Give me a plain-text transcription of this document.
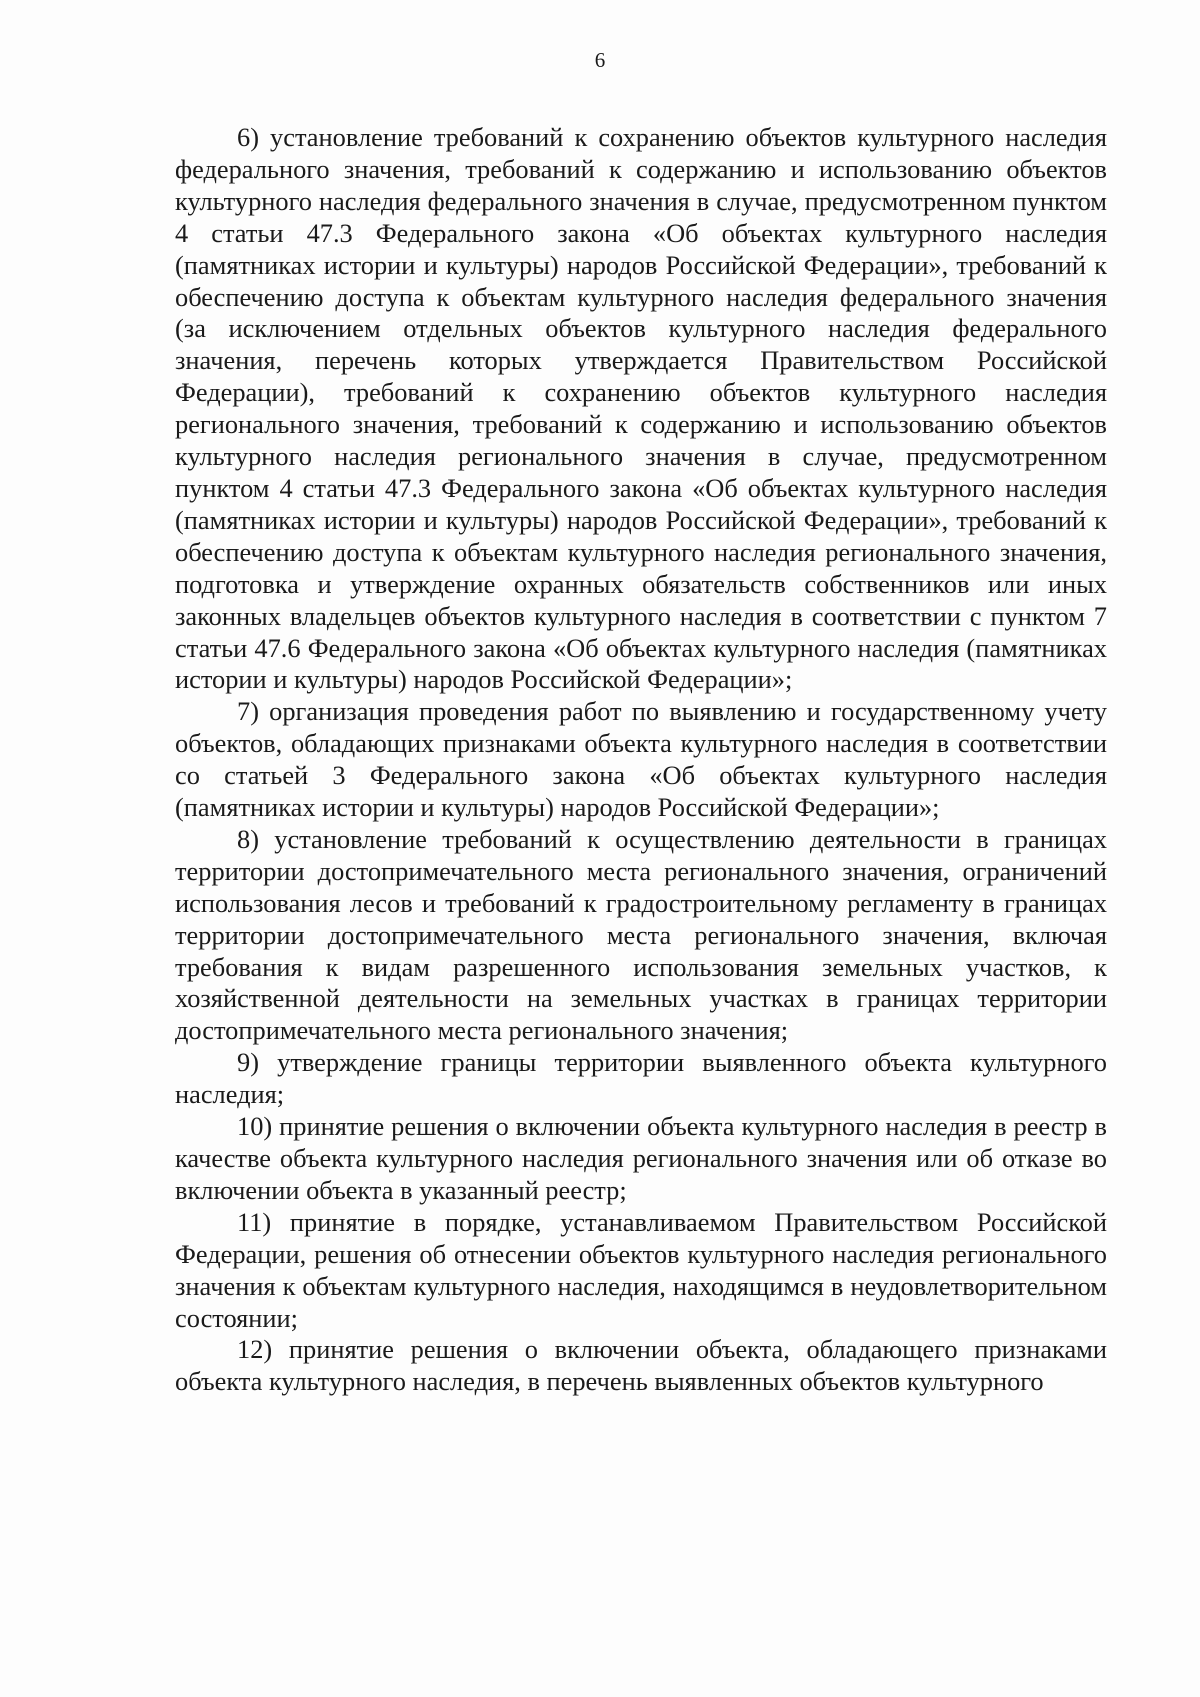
6

6) установление требований к сохранению объектов культурного наследия федерального значения, требований к содержанию и использованию объектов культурного наследия федерального значения в случае, предусмотренном пунктом 4 статьи 47.3 Федерального закона «Об объектах культурного наследия (памятниках истории и культуры) народов Российской Федерации», требований к обеспечению доступа к объектам культурного наследия федерального значения (за исключением отдельных объектов культурного наследия федерального значения, перечень которых утверждается Правительством Российской Федерации), требований к сохранению объектов культурного наследия регионального значения, требований к содержанию и использованию объектов культурного наследия регионального значения в случае, предусмотренном пунктом 4 статьи 47.3 Федерального закона «Об объектах культурного наследия (памятниках истории и культуры) народов Российской Федерации», требований к обеспечению доступа к объектам культурного наследия регионального значения, подготовка и утверждение охранных обязательств собственников или иных законных владельцев объектов культурного наследия в соответствии с пунктом 7 статьи 47.6 Федерального закона «Об объектах культурного наследия (памятниках истории и культуры) народов Российской Федерации»;

7) организация проведения работ по выявлению и государственному учету объектов, обладающих признаками объекта культурного наследия в соответствии со статьей 3 Федерального закона «Об объектах культурного наследия (памятниках истории и культуры) народов Российской Федерации»;

8) установление требований к осуществлению деятельности в границах территории достопримечательного места регионального значения, ограничений использования лесов и требований к градостроительному регламенту в границах территории достопримечательного места регионального значения, включая требования к видам разрешенного использования земельных участков, к хозяйственной деятельности на земельных участках в границах территории достопримечательного места регионального значения;

9) утверждение границы территории выявленного объекта культурного наследия;

10) принятие решения о включении объекта культурного наследия в реестр в качестве объекта культурного наследия регионального значения или об отказе во включении объекта в указанный реестр;

11) принятие в порядке, устанавливаемом Правительством Российской Федерации, решения об отнесении объектов культурного наследия регионального значения к объектам культурного наследия, находящимся в неудовлетворительном состоянии;

12) принятие решения о включении объекта, обладающего признаками объекта культурного наследия, в перечень выявленных объектов культурного
